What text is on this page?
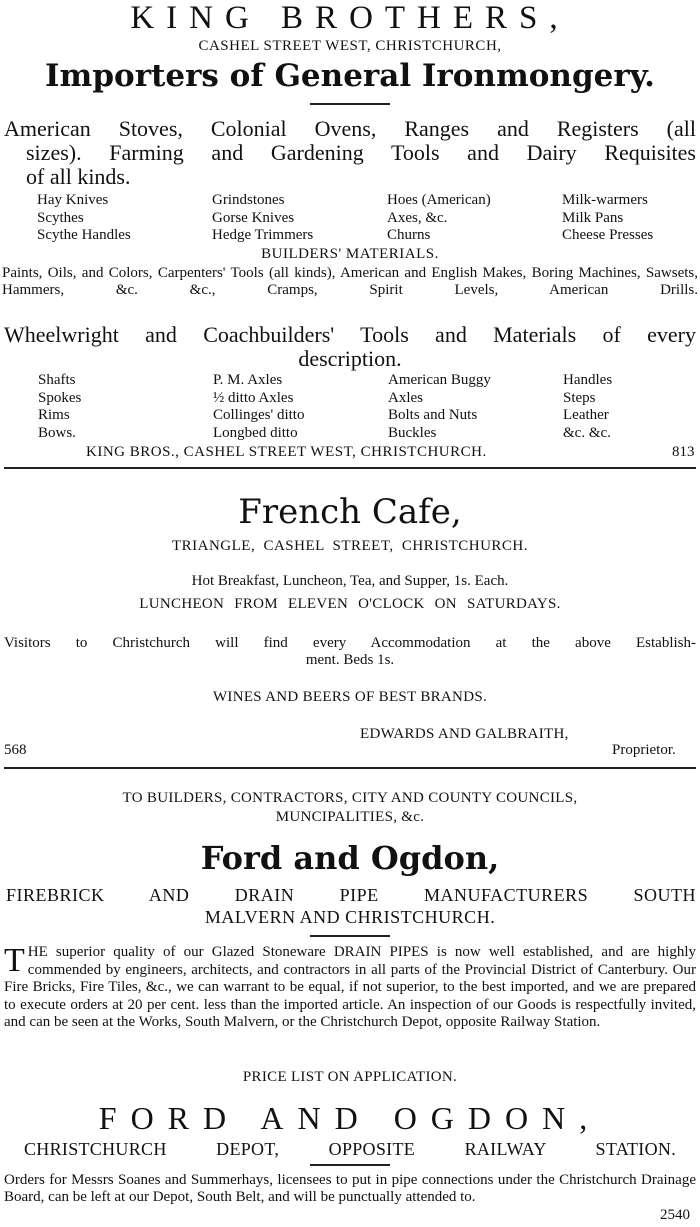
KING BROTHERS,
CASHEL STREET WEST, CHRISTCHURCH,
Importers of General Ironmongery.
American Stoves, Colonial Ovens, Ranges and Registers (all
sizes). Farming and Gardening Tools and Dairy Requisites
of all kinds.
Hay Knives	Grindstones	Hoes (American)	Milk-warmers
Scythes	Gorse Knives	Axes, &c.	Milk Pans
Scythe Handles	Hedge Trimmers	Churns	Cheese Presses
BUILDERS' MATERIALS.
Paints, Oils, and Colors, Carpenters' Tools (all kinds), American and English Makes, Boring Machines, Sawsets, Hammers, &c. &c., Cramps, Spirit Levels, American Drills.
Wheelwright and Coachbuilders' Tools and Materials of every
description.
Shafts	P. M. Axles	American Buggy	Handles
Spokes	½ ditto Axles	Axles	Steps
Rims	Collinges' ditto	Bolts and Nuts	Leather
Bows.	Longbed ditto	Buckles	&c. &c.
KING BROS., CASHEL STREET WEST, CHRISTCHURCH.	813
French Cafe,
TRIANGLE, CASHEL STREET, CHRISTCHURCH.
Hot Breakfast, Luncheon, Tea, and Supper, 1s. Each.
LUNCHEON FROM ELEVEN O'CLOCK ON SATURDAYS.
Visitors to Christchurch will find every Accommodation at the above Establish-
ment. Beds 1s.
WINES AND BEERS OF BEST BRANDS.
EDWARDS AND GALBRAITH,
568	Proprietor.
TO BUILDERS, CONTRACTORS, CITY AND COUNTY COUNCILS,
MUNCIPALITIES, &c.
Ford and Ogdon,
FIREBRICK AND DRAIN PIPE MANUFACTURERS SOUTH
MALVERN AND CHRISTCHURCH.
THE superior quality of our Glazed Stoneware DRAIN PIPES is now well established, and are highly commended by engineers, architects, and contractors in all parts of the Provincial District of Canterbury. Our Fire Bricks, Fire Tiles, &c., we can warrant to be equal, if not superior, to the best imported, and we are prepared to execute orders at 20 per cent. less than the imported article. An inspection of our Goods is respectfully invited, and can be seen at the Works, South Malvern, or the Christchurch Depot, opposite Railway Station.
PRICE LIST ON APPLICATION.
FORD AND OGDON,
CHRISTCHURCH DEPOT, OPPOSITE RAILWAY STATION.
Orders for Messrs Soanes and Summerhays, licensees to put in pipe connections under the Christchurch Drainage Board, can be left at our Depot, South Belt, and will be punctually attended to.
2540
